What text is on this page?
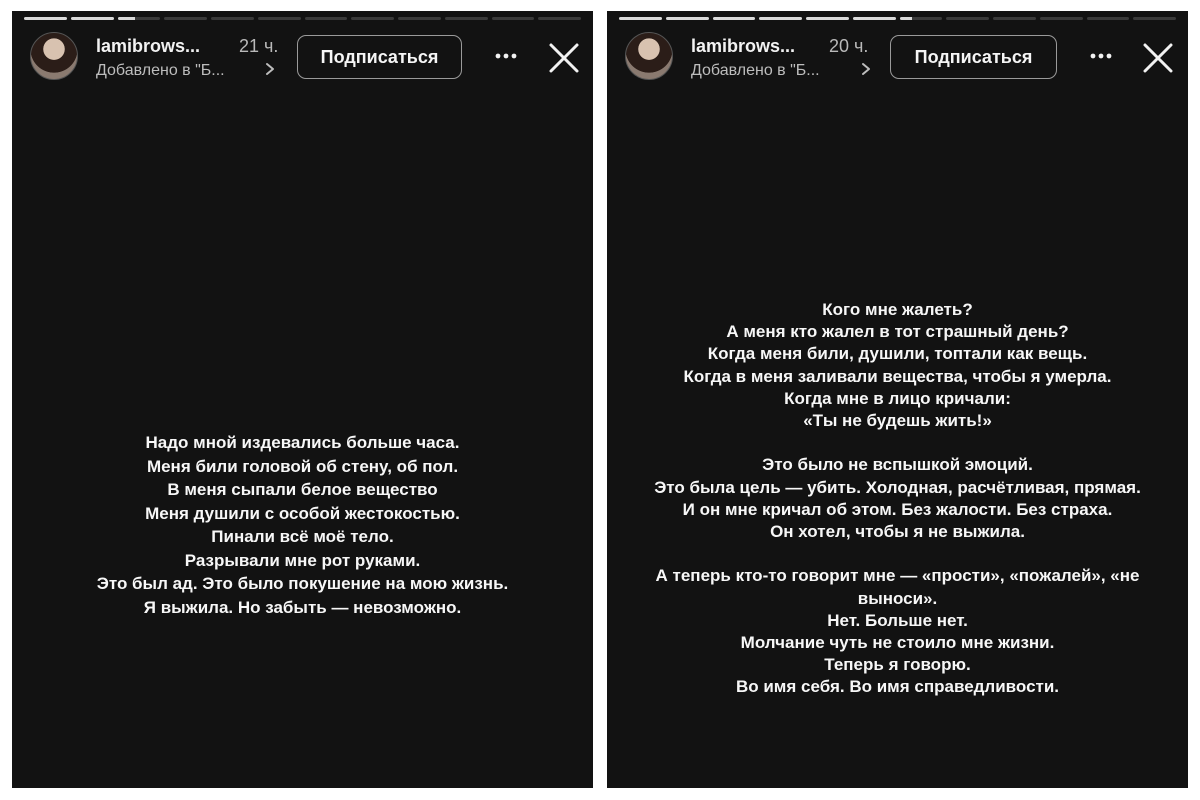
lamibrows... 21 ч.
Добавлено в "Б...
Подписаться
Надо мной издевались больше часа.
Меня били головой об стену, об пол.
В меня сыпали белое вещество
Меня душили с особой жестокостью.
Пинали всё моё тело.
Разрывали мне рот руками.
Это был ад. Это было покушение на мою жизнь.
Я выжила. Но забыть — невозможно.
lamibrows... 20 ч.
Добавлено в "Б...
Подписаться
Кого мне жалеть?
А меня кто жалел в тот страшный день?
Когда меня били, душили, топтали как вещь.
Когда в меня заливали вещества, чтобы я умерла.
Когда мне в лицо кричали:
«Ты не будешь жить!»

Это было не вспышкой эмоций.
Это была цель — убить. Холодная, расчётливая, прямая.
И он мне кричал об этом. Без жалости. Без страха.
Он хотел, чтобы я не выжила.

А теперь кто-то говорит мне — «прости», «пожалей», «не выноси».
Нет. Больше нет.
Молчание чуть не стоило мне жизни.
Теперь я говорю.
Во имя себя. Во имя справедливости.
